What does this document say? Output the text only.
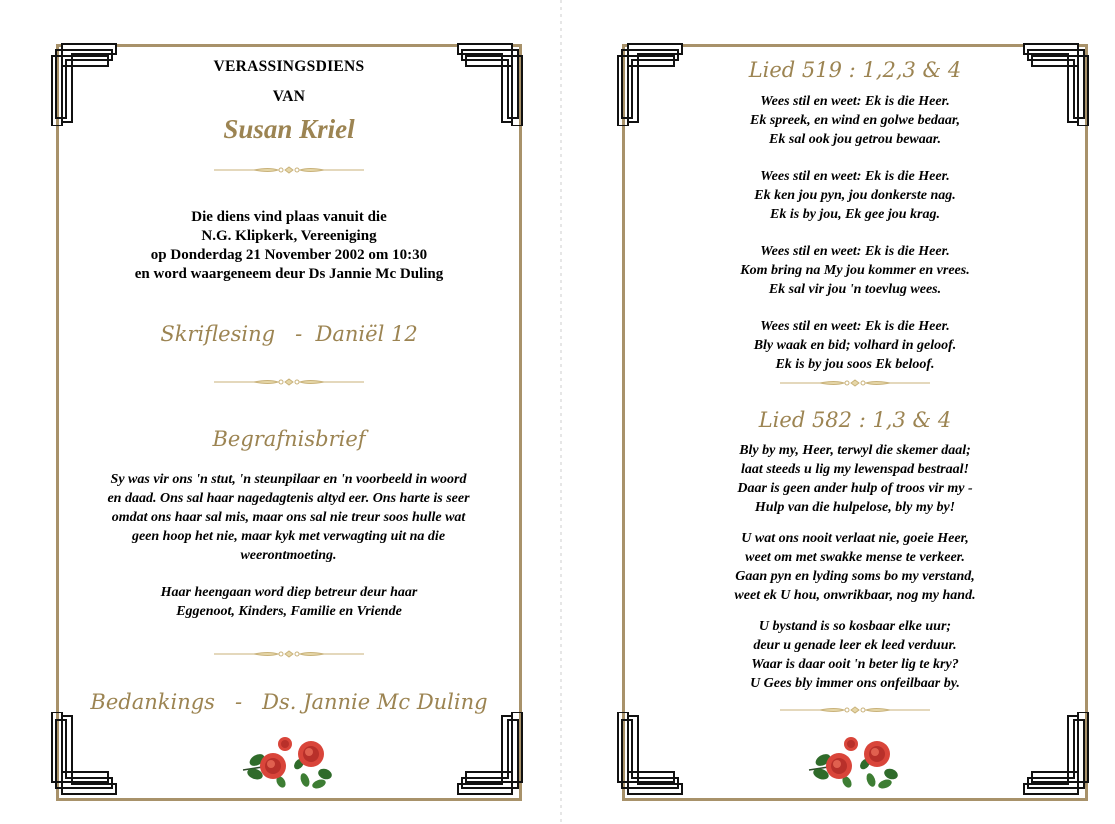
VERASSINGSDIENS
VAN
Susan Kriel
Die diens vind plaas vanuit die
N.G. Klipkerk, Vereeniging
op Donderdag 21 November 2002 om 10:30
en word waargeneem deur Ds Jannie Mc Duling
Skriflesing   -  Daniël 12
Begrafnisbrief
Sy was vir ons 'n stut, 'n steunpilaar en 'n voorbeeld in woord
en daad. Ons sal haar nagedagtenis altyd eer. Ons harte is seer
omdat ons haar sal mis, maar ons sal nie treur soos hulle wat
geen hoop het nie, maar kyk met verwagting uit na die
weerontmoeting.
Haar heengaan word diep betreur deur haar
Eggenoot, Kinders, Familie en Vriende
Bedankings   -   Ds. Jannie Mc Duling
Lied 519 : 1,2,3 & 4
Wees stil en weet: Ek is die Heer.
Ek spreek, en wind en golwe bedaar,
Ek sal ook jou getrou bewaar.
Wees stil en weet: Ek is die Heer.
Ek ken jou pyn, jou donkerste nag.
Ek is by jou, Ek gee jou krag.
Wees stil en weet: Ek is die Heer.
Kom bring na My jou kommer en vrees.
Ek sal vir jou 'n toevlug wees.
Wees stil en weet: Ek is die Heer.
Bly waak en bid; volhard in geloof.
Ek is by jou soos Ek beloof.
Lied 582 : 1,3 & 4
Bly by my, Heer, terwyl die skemer daal;
laat steeds u lig my lewenspad bestraal!
Daar is geen ander hulp of troos vir my -
Hulp van die hulpelose, bly my by!
U wat ons nooit verlaat nie, goeie Heer,
weet om met swakke mense te verkeer.
Gaan pyn en lyding soms bo my verstand,
weet ek U hou, onwrikbaar, nog my hand.
U bystand is so kosbaar elke uur;
deur u genade leer ek leed verduur.
Waar is daar ooit 'n beter lig te kry?
U Gees bly immer ons onfeilbaar by.
